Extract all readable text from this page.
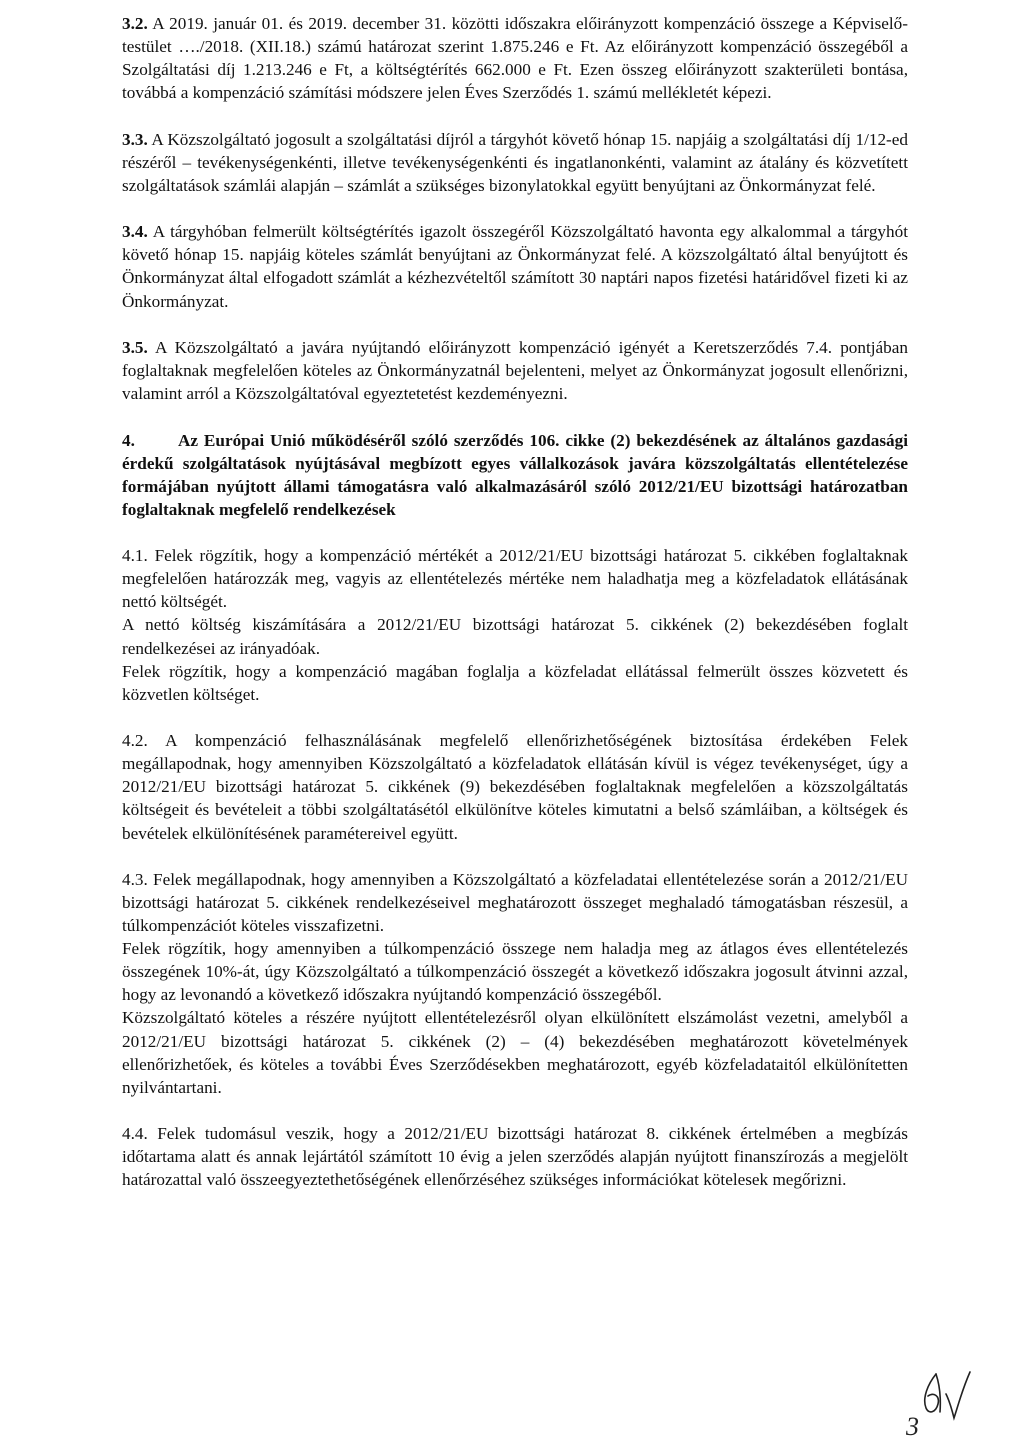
3.2. A 2019. január 01. és 2019. december 31. közötti időszakra előirányzott kompenzáció összege a Képviselő-testület …./2018. (XII.18.) számú határozat szerint 1.875.246 e Ft. Az előirányzott kompenzáció összegéből a Szolgáltatási díj 1.213.246 e Ft, a költségtérítés 662.000 e Ft. Ezen összeg előirányzott szakterületi bontása, továbbá a kompenzáció számítási módszere jelen Éves Szerződés 1. számú mellékletét képezi.

3.3. A Közszolgáltató jogosult a szolgáltatási díjról a tárgyhót követő hónap 15. napjáig a szolgáltatási díj 1/12-ed részéről – tevékenységenkénti, illetve tevékenységenkénti és ingatlanonkénti, valamint az átalány és közvetített szolgáltatások számlái alapján – számlát a szükséges bizonylatokkal együtt benyújtani az Önkormányzat felé.

3.4. A tárgyhóban felmerült költségtérítés igazolt összegéről Közszolgáltató havonta egy alkalommal a tárgyhót követő hónap 15. napjáig köteles számlát benyújtani az Önkormányzat felé. A közszolgáltató által benyújtott és Önkormányzat által elfogadott számlát a kézhezvételtől számított 30 naptári napos fizetési határidővel fizeti ki az Önkormányzat.

3.5. A Közszolgáltató a javára nyújtandó előirányzott kompenzáció igényét a Keretszerződés 7.4. pontjában foglaltaknak megfelelően köteles az Önkormányzatnál bejelenteni, melyet az Önkormányzat jogosult ellenőrizni, valamint arról a Közszolgáltatóval egyeztetetést kezdeményezni.

4.	Az Európai Unió működéséről szóló szerződés 106. cikke (2) bekezdésének az általános gazdasági érdekű szolgáltatások nyújtásával megbízott egyes vállalkozások javára közszolgáltatás ellentételezése formájában nyújtott állami támogatásra való alkalmazásáról szóló 2012/21/EU bizottsági határozatban foglaltaknak megfelelő rendelkezések

4.1. Felek rögzítik, hogy a kompenzáció mértékét a 2012/21/EU bizottsági határozat 5. cikkében foglaltaknak megfelelően határozzák meg, vagyis az ellentételezés mértéke nem haladhatja meg a közfeladatok ellátásának nettó költségét.

A nettó költség kiszámítására a 2012/21/EU bizottsági határozat 5. cikkének (2) bekezdésében foglalt rendelkezései az irányadóak.

Felek rögzítik, hogy a kompenzáció magában foglalja a közfeladat ellátással felmerült összes közvetett és közvetlen költséget.

4.2. A kompenzáció felhasználásának megfelelő ellenőrizhetőségének biztosítása érdekében Felek megállapodnak, hogy amennyiben Közszolgáltató a közfeladatok ellátásán kívül is végez tevékenységet, úgy a 2012/21/EU bizottsági határozat 5. cikkének (9) bekezdésében foglaltaknak megfelelően a közszolgáltatás költségeit és bevételeit a többi szolgáltatásétól elkülönítve köteles kimutatni a belső számláiban, a költségek és bevételek elkülönítésének paramétereivel együtt.

4.3. Felek megállapodnak, hogy amennyiben a Közszolgáltató a közfeladatai ellentételezése során a 2012/21/EU bizottsági határozat 5. cikkének rendelkezéseivel meghatározott összeget meghaladó támogatásban részesül, a túlkompenzációt köteles visszafizetni.

Felek rögzítik, hogy amennyiben a túlkompenzáció összege nem haladja meg az átlagos éves ellentételezés összegének 10%-át, úgy Közszolgáltató a túlkompenzáció összegét a következő időszakra jogosult átvinni azzal, hogy az levonandó a következő időszakra nyújtandó kompenzáció összegéből.

Közszolgáltató köteles a részére nyújtott ellentételezésről olyan elkülönített elszámolást vezetni, amelyből a 2012/21/EU bizottsági határozat 5. cikkének (2) – (4) bekezdésében meghatározott követelmények ellenőrizhetőek, és köteles a további Éves Szerződésekben meghatározott, egyéb közfeladataitól elkülönítetten nyilvántartani.

4.4. Felek tudomásul veszik, hogy a 2012/21/EU bizottsági határozat 8. cikkének értelmében a megbízás időtartama alatt és annak lejártától számított 10 évig a jelen szerződés alapján nyújtott finanszírozás a megjelölt határozattal való összeegyeztethetőségének ellenőrzéséhez szükséges információkat kötelesek megőrizni.

3
